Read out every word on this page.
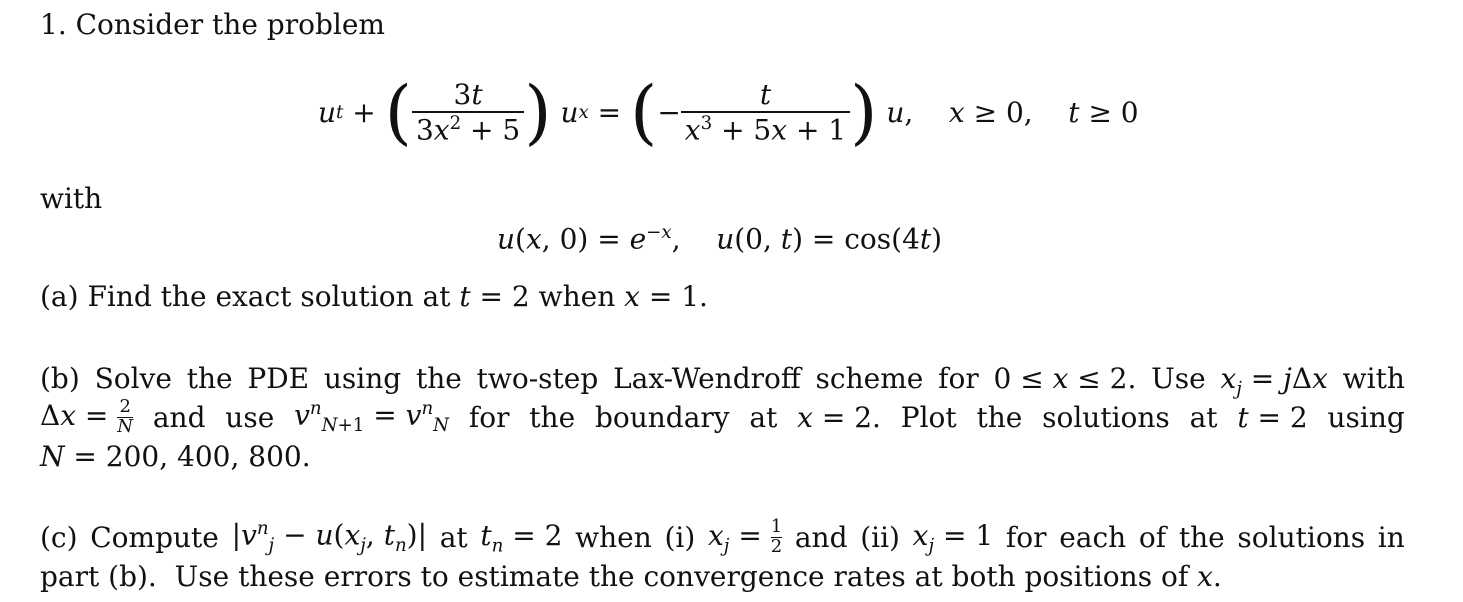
1. Consider the problem
u t + ( $\frac{3t}{3x^2 + 5}$ )
u x = ( − $\frac{t}{x^3 + 5x + 1}$ )
u , x ≥ 0, t ≥ 0
with
u(x, $0) = e^{-x}$,    u(0, t) = cos(4t)
(a) Find the exact solution at t = 2 when x = 1.
(b) Solve the PDE using the two-step Lax-Wendroff scheme for 0 ≤ x ≤ 2. Use $x_j = j\Delta x$ with
$\Delta x = \frac{2}{N}$ and use $v^n_{N+1} = v^n_N$ for the boundary at x = 2. Plot the solutions at t = 2 using
N = 200, 400, 800.
(c) Compute $|v^n_j - u(x_j$, $t_n)|$ at $t_n = 2$ when (i) $x_j = \frac{1}{2}$ and (ii) $x_j = 1$ for each of the solutions in
part (b).  Use these errors to estimate the convergence rates at both positions of x.
